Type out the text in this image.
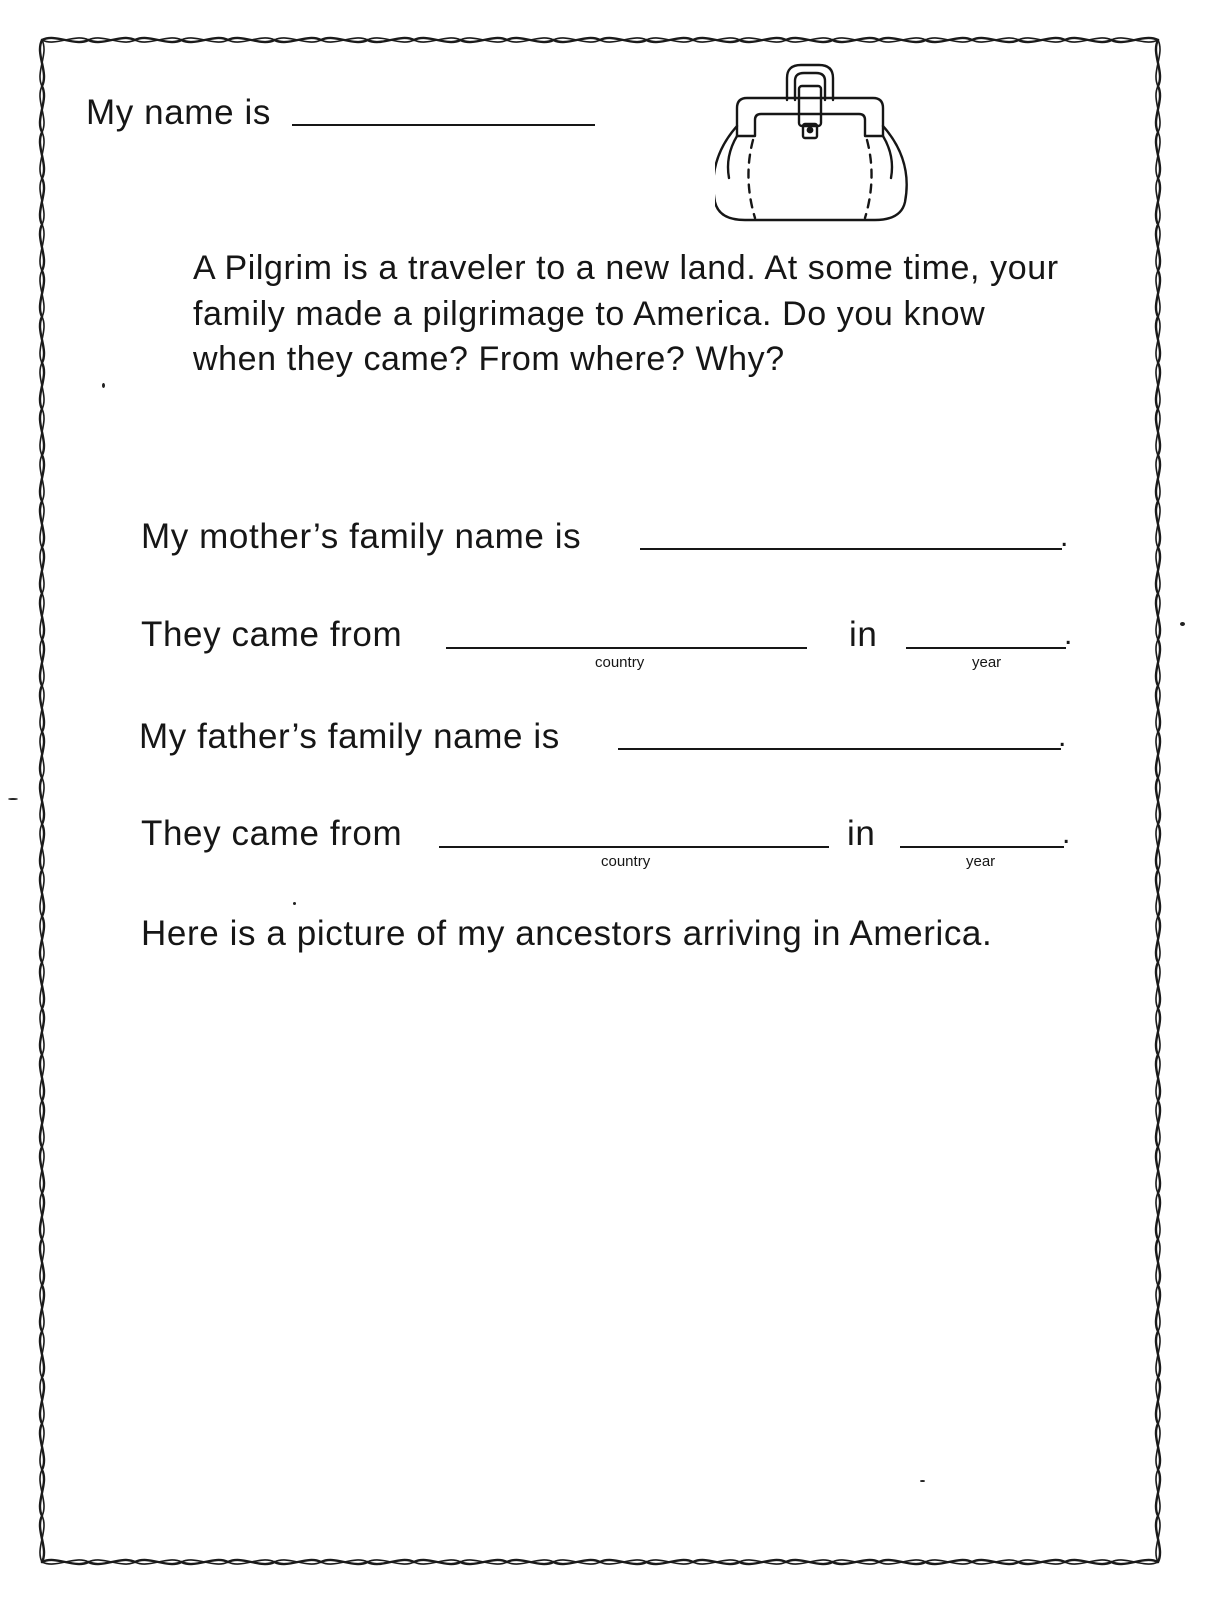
My name is

A Pilgrim is a traveler to a new land. At some time, your family made a pilgrimage to America. Do you know when they came? From where? Why?

My mother’s family name is	.
They came from
country
in
year
.
My father’s family name is	.
They came from
country
in
year
.
Here is a picture of my ancestors arriving in America.
